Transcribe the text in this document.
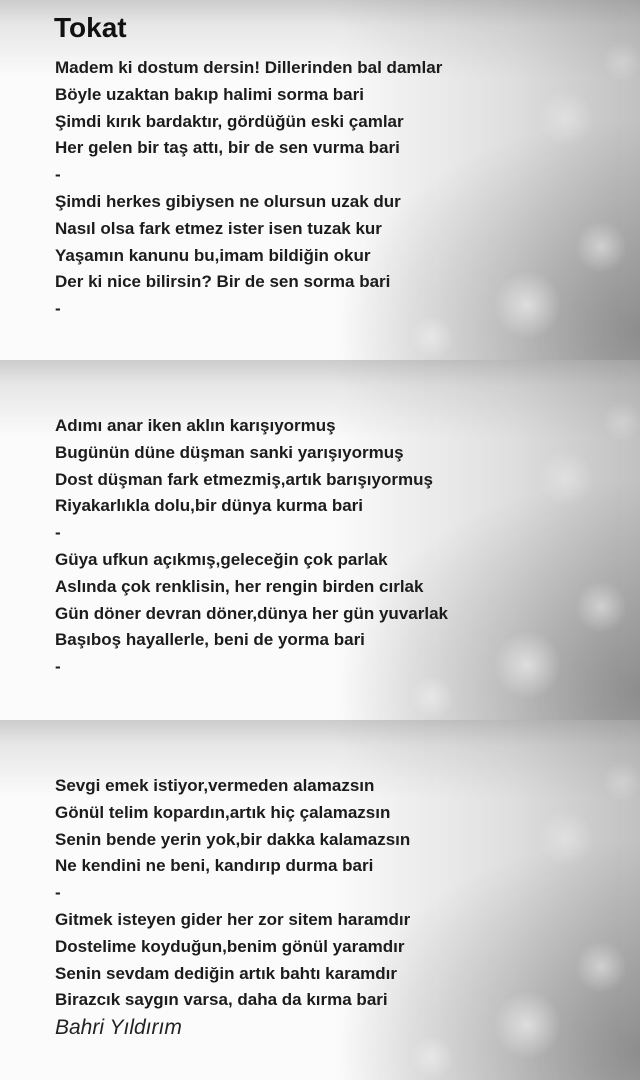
Tokat
Madem ki dostum dersin! Dillerinden bal damlar
Böyle uzaktan bakıp halimi sorma bari
Şimdi kırık bardaktır, gördüğün eski çamlar
Her gelen bir taş attı, bir de sen vurma bari
-
Şimdi herkes gibiysen ne olursun uzak dur
Nasıl olsa fark etmez ister isen tuzak kur
Yaşamın kanunu bu,imam bildiğin okur
Der ki nice bilirsin? Bir de sen sorma bari
-
Adımı anar iken aklın karışıyormuş
Bugünün düne düşman sanki yarışıyormuş
Dost düşman fark etmezmiş,artık barışıyormuş
Riyakarlıkla dolu,bir dünya kurma bari
-
Güya ufkun açıkmış,geleceğin çok parlak
Aslında çok renklisin, her rengin birden cırlak
Gün döner devran döner,dünya her gün yuvarlak
Başıboş hayallerle, beni de yorma bari
-
Sevgi emek istiyor,vermeden alamazsın
Gönül telim kopardın,artık hiç çalamazsın
Senin bende yerin yok,bir dakka kalamazsın
Ne kendini ne beni, kandırıp durma bari
-
Gitmek isteyen gider her zor sitem haramdır
Dostelime koyduğun,benim gönül yaramdır
Senin sevdam dediğin artık bahtı karamdır
Birazcık saygın varsa, daha da kırma bari
Bahri Yıldırım
